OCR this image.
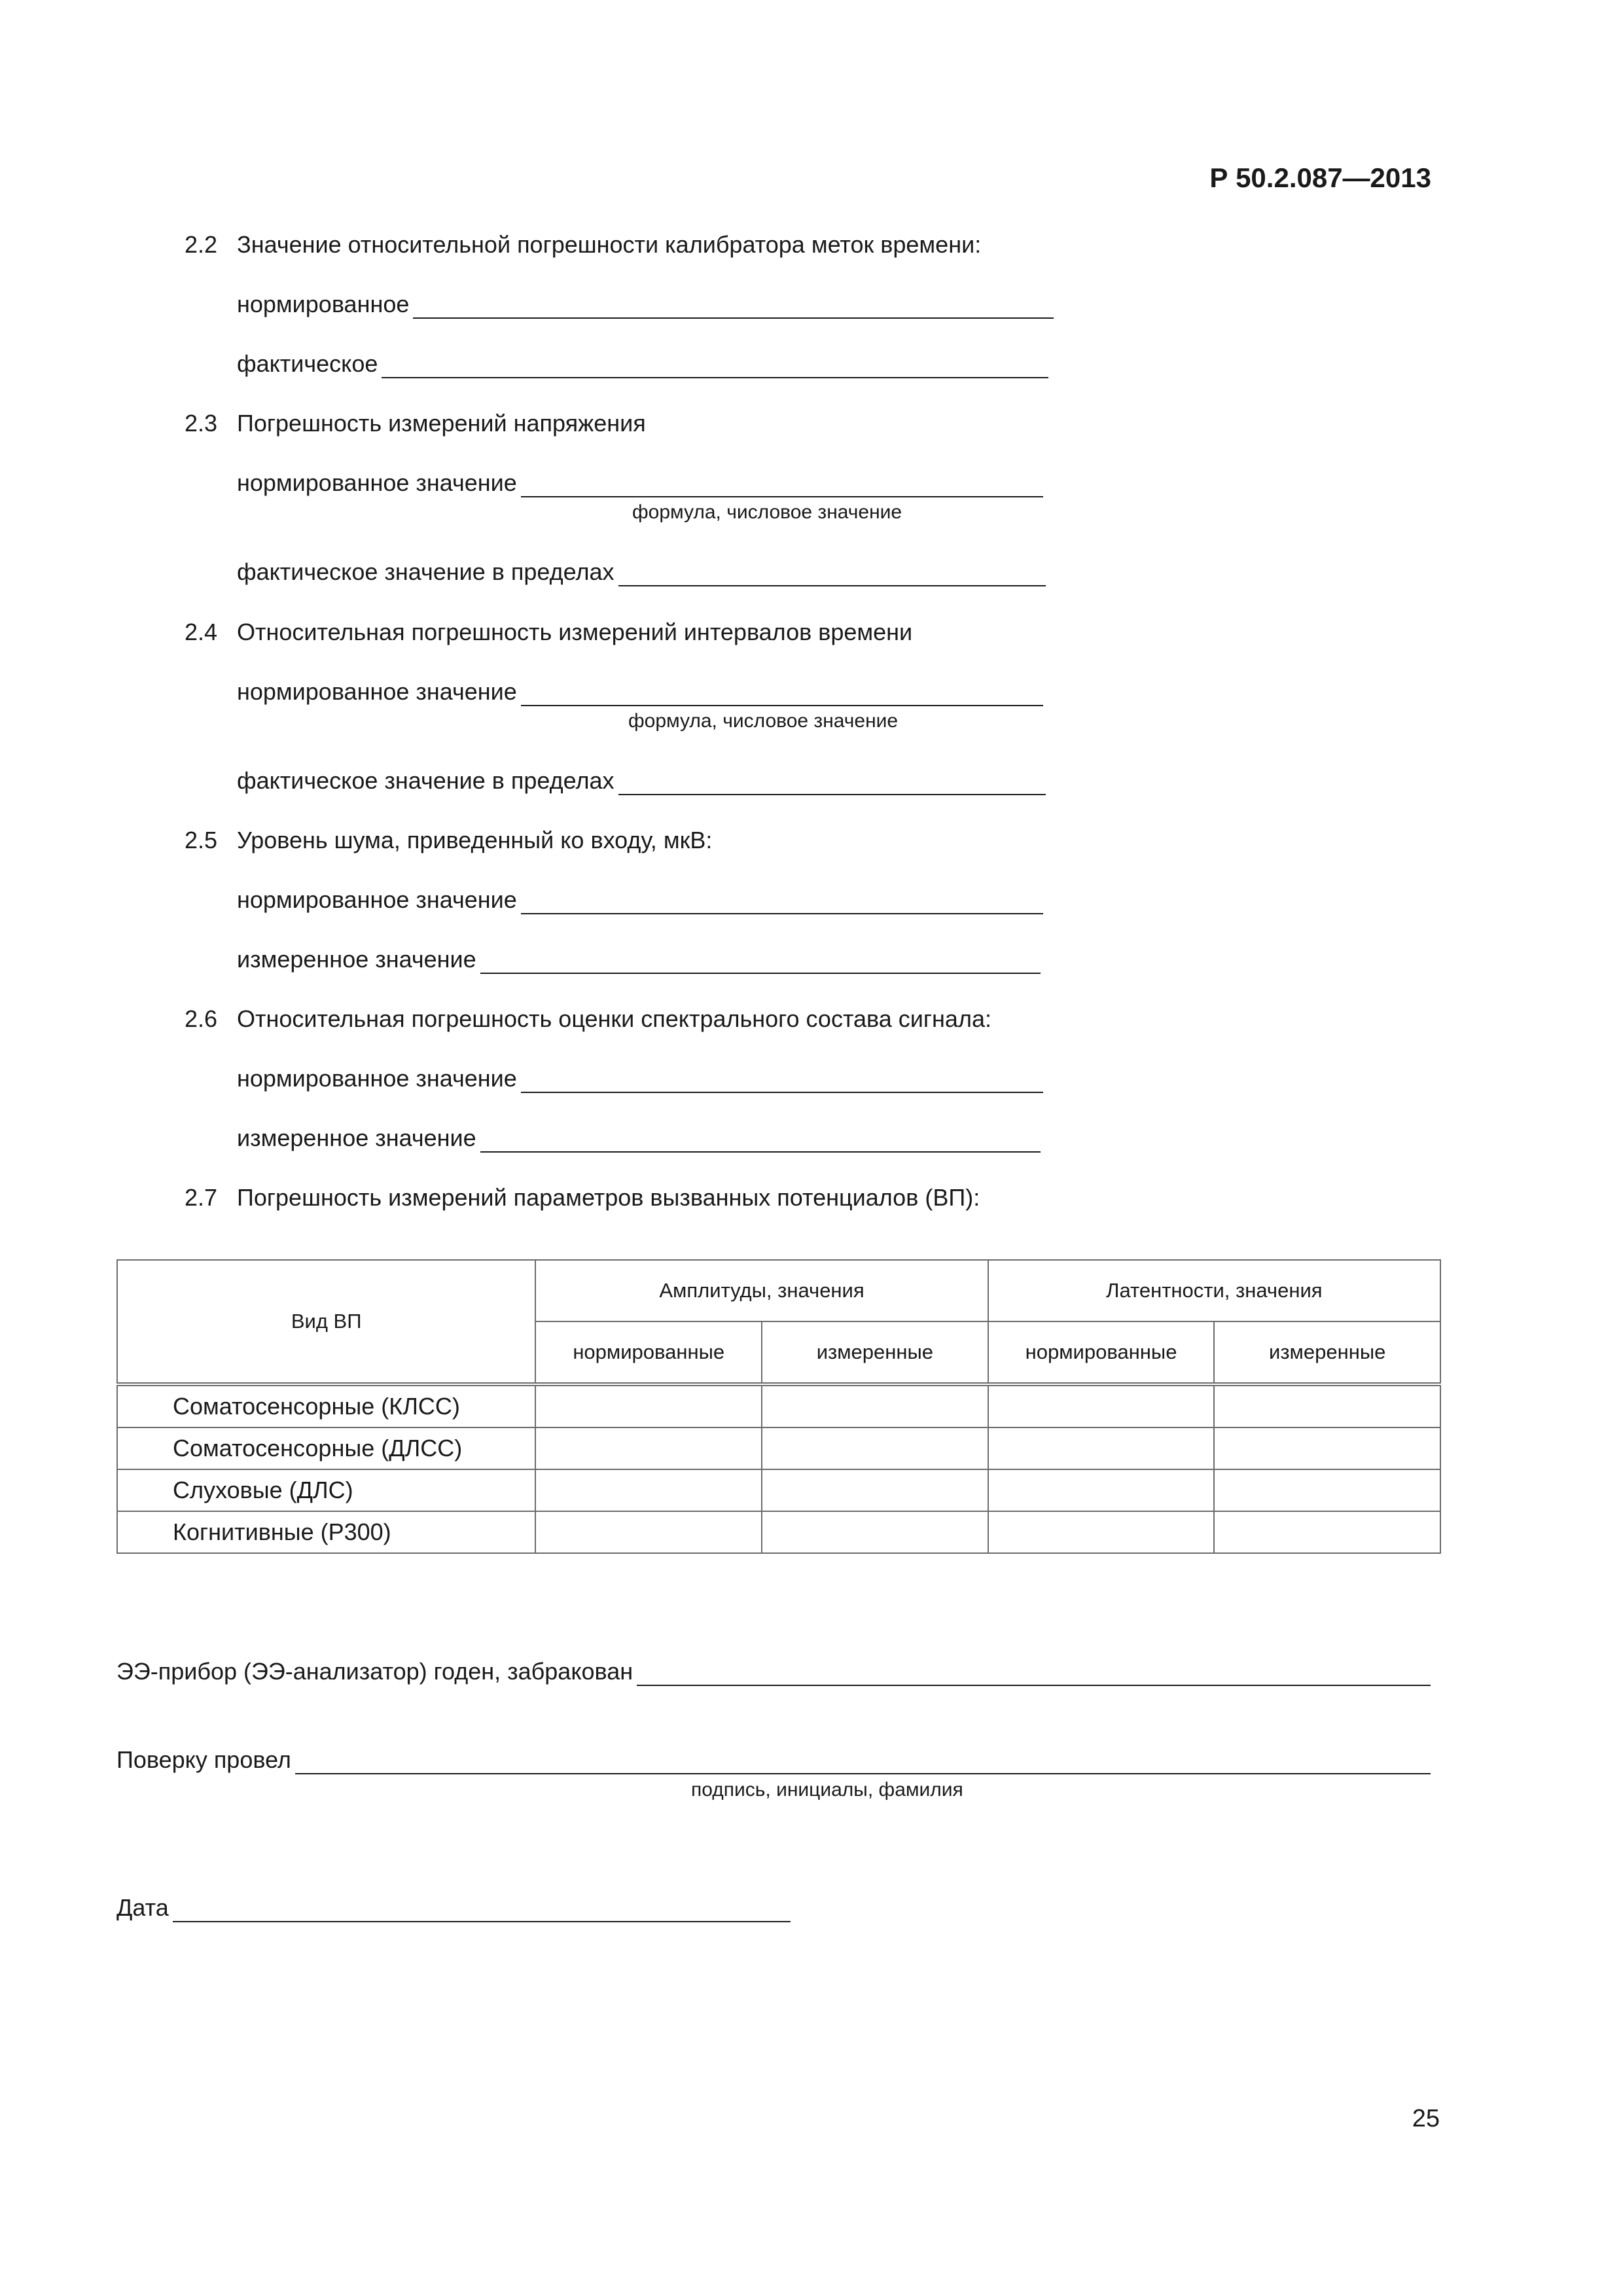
Р 50.2.087—2013
2.2 Значение относительной погрешности калибратора меток времени:
нормированное
фактическое
2.3 Погрешность измерений напряжения
нормированное значение
формула, числовое значение
фактическое значение в пределах
2.4 Относительная погрешность измерений интервалов времени
нормированное значение
формула, числовое значение
фактическое значение в пределах
2.5 Уровень шума, приведенный ко входу, мкВ:
нормированное значение
измеренное значение
2.6 Относительная погрешность оценки спектрального состава сигнала:
нормированное значение
измеренное значение
2.7 Погрешность измерений параметров вызванных потенциалов (ВП):
Вид ВП	Амплитуды, значения		Латентности, значения	
	нормированные	измеренные	нормированные	измеренные
Соматосенсорные (КЛСС)				
Соматосенсорные (ДЛСС)				
Слуховые (ДЛС)				
Когнитивные (Р300)				
ЭЭ-прибор (ЭЭ-анализатор) годен, забракован
Поверку провел
подпись, инициалы, фамилия
Дата
25
